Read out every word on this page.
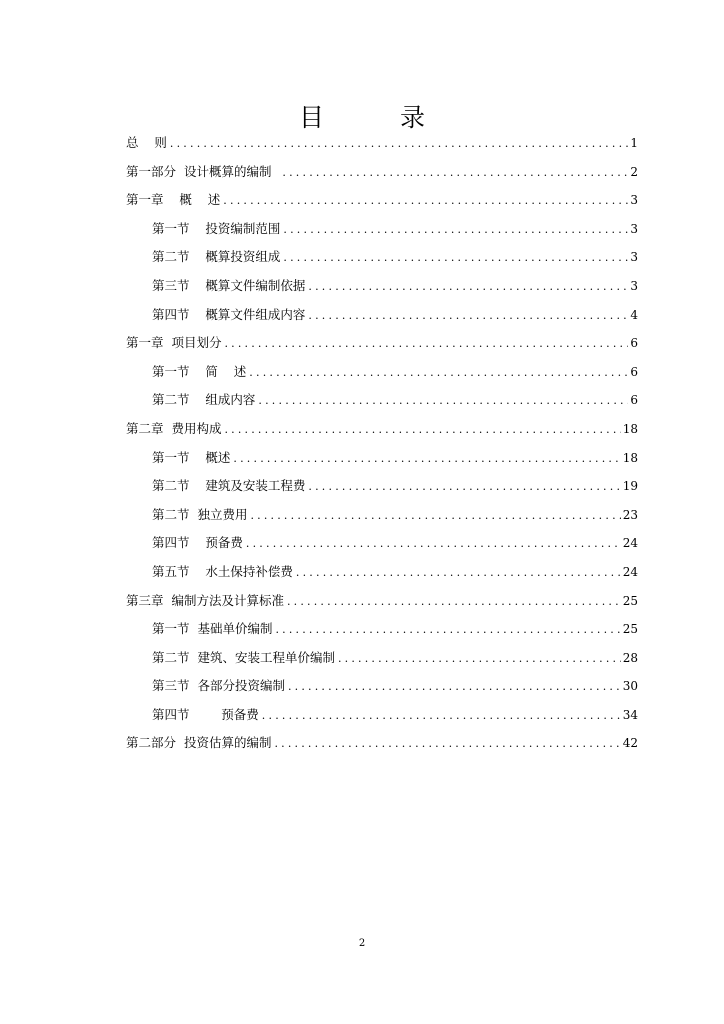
目 录
总    则 .....	1
第一部分  设计概算的编制 .....	2
第一章    概    述 .....	3
第一节    投资编制范围 .....	3
第二节    概算投资组成 .....	3
第三节    概算文件编制依据 .....	3
第四节    概算文件组成内容 .....	4
第一章  项目划分 .....	6
第一节    简    述 .....	6
第二节    组成内容 .....	6
第二章  费用构成 .....	18
第一节    概述 .....	18
第二节    建筑及安装工程费 .....	19
第二节  独立费用 .....	23
第四节    预备费 .....	24
第五节    水土保持补偿费 .....	24
第三章  编制方法及计算标准 .....	25
第一节  基础单价编制 .....	25
第二节  建筑、安装工程单价编制 .....	28
第三节  各部分投资编制 .....	30
第四节        预备费 .....	34
第二部分  投资估算的编制 .....	42
2
